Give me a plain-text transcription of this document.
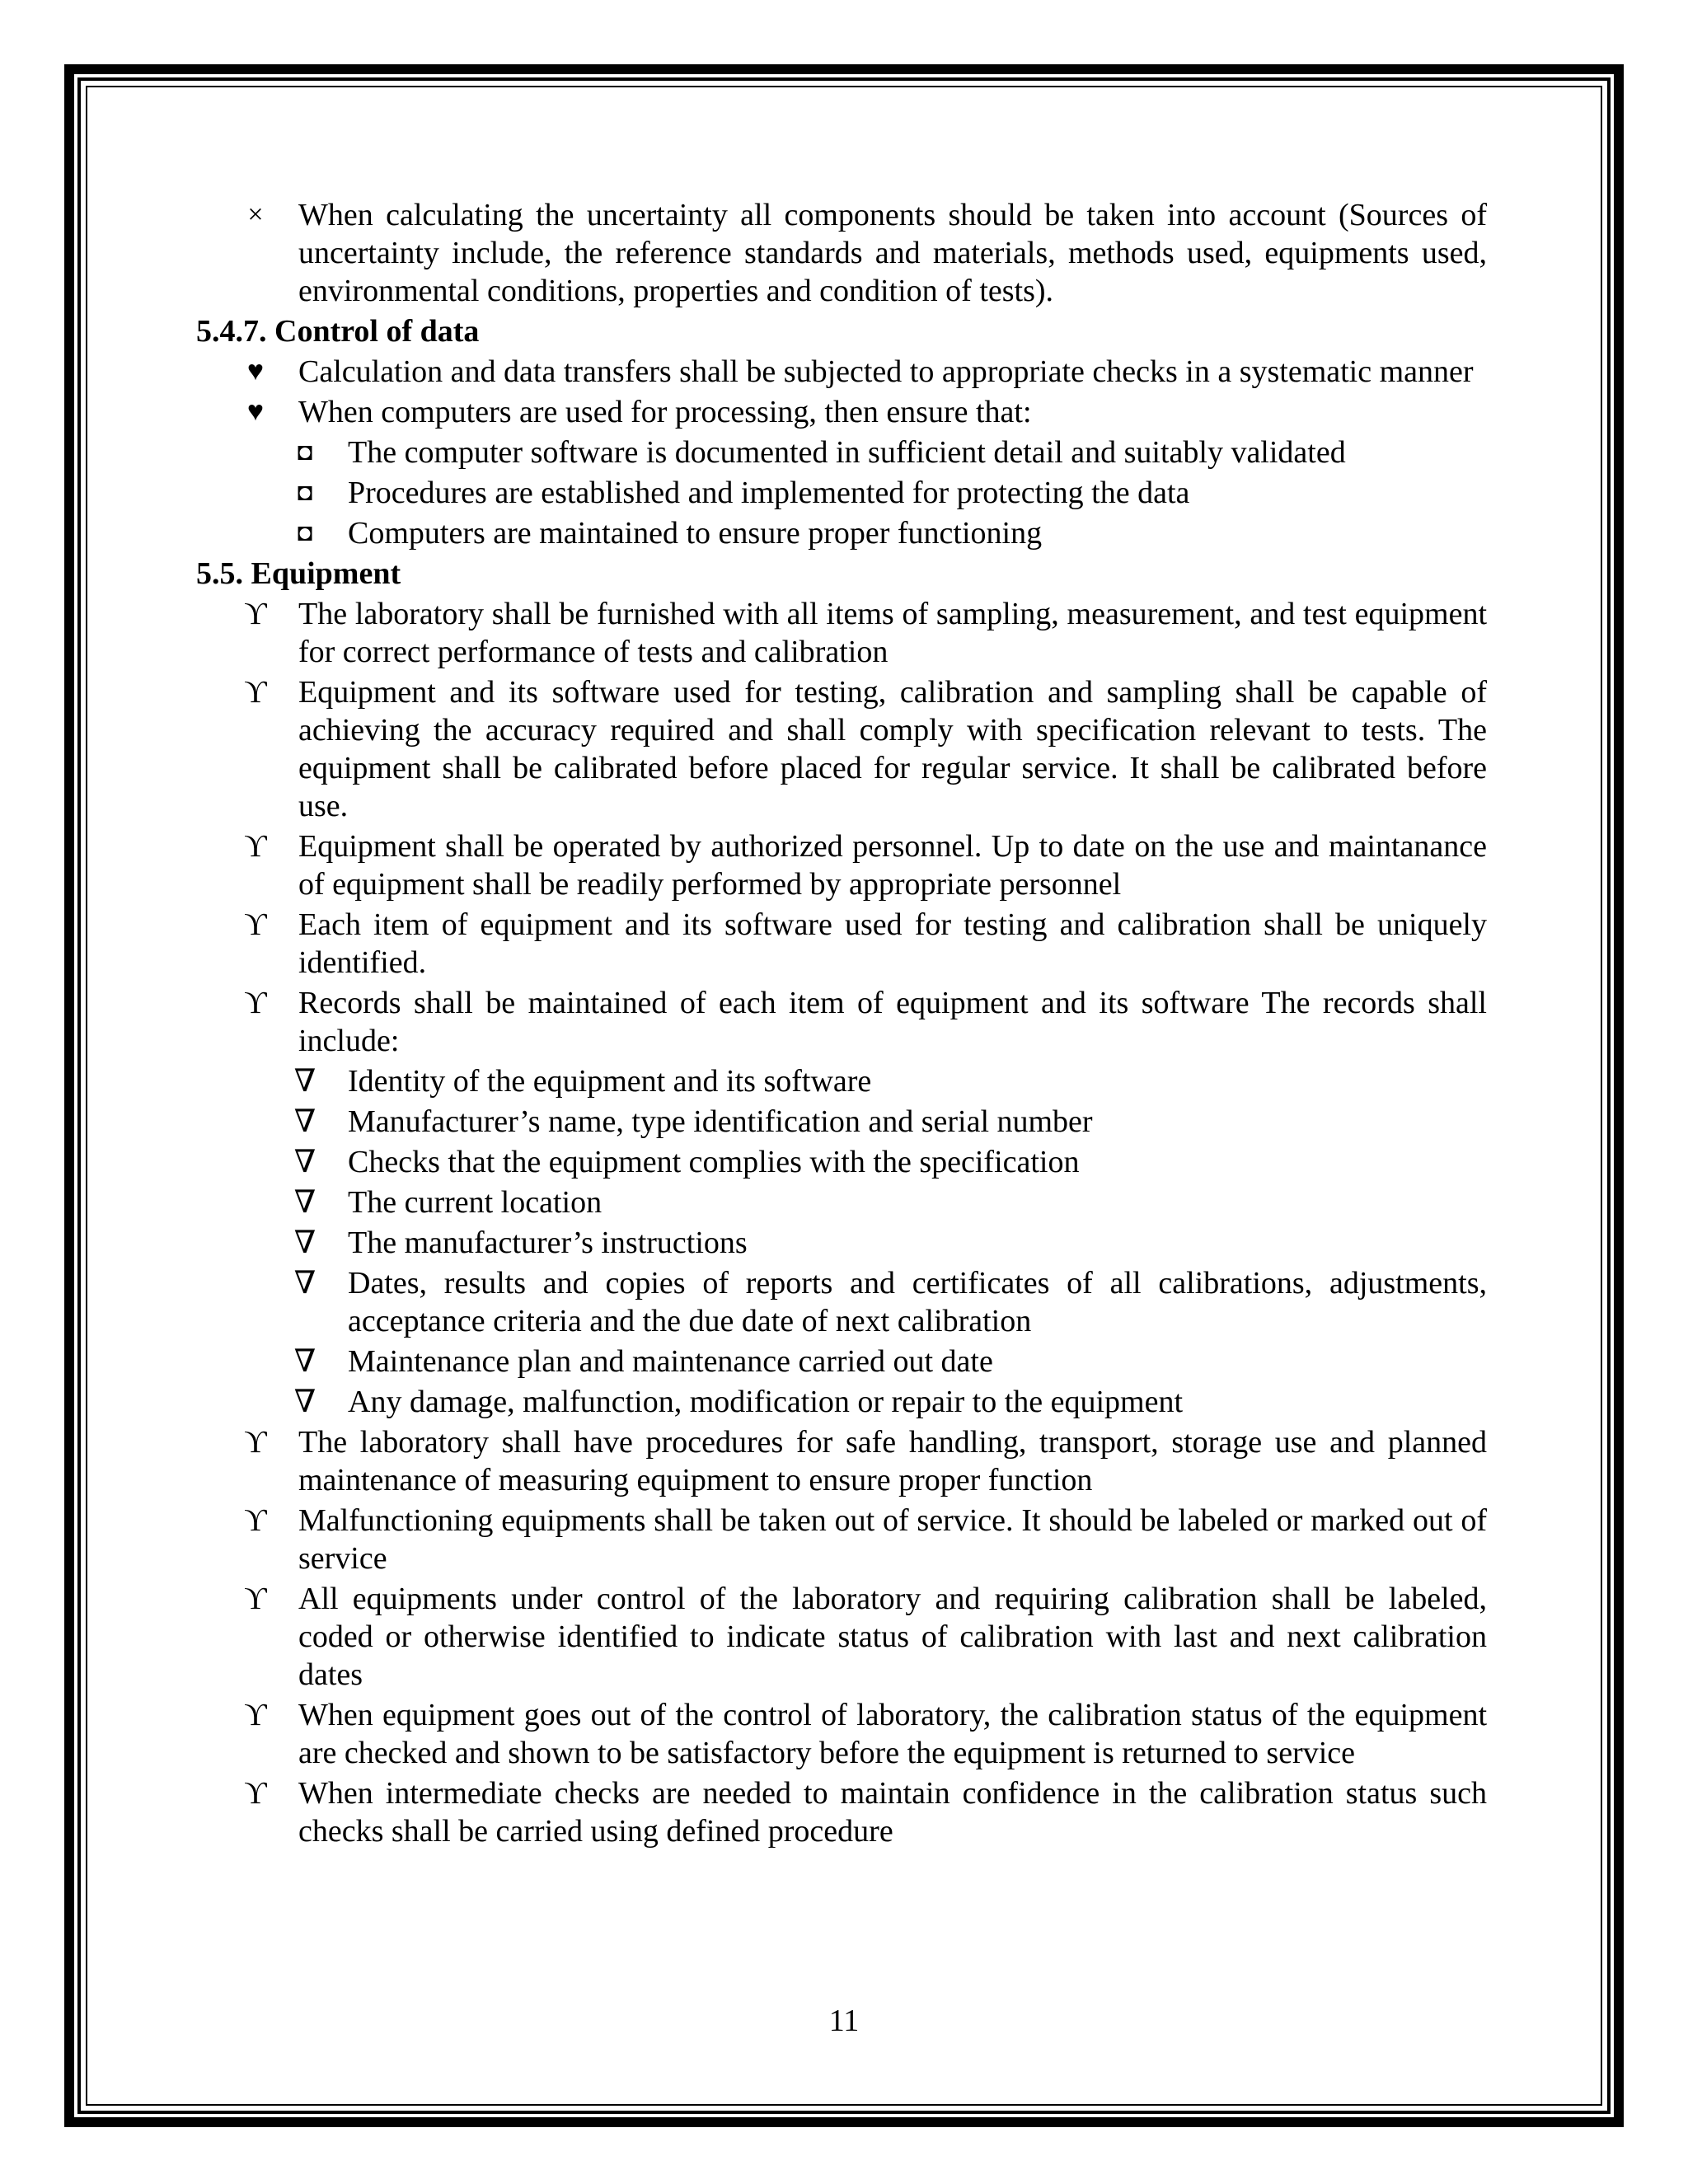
× When calculating the uncertainty all components should be taken into account (Sources of uncertainty include, the reference standards and materials, methods used, equipments used, environmental conditions, properties and condition of tests).
5.4.7. Control of data
♥ Calculation and data transfers shall be subjected to appropriate checks in a systematic manner
♥ When computers are used for processing, then ensure that:
◘ The computer software is documented in sufficient detail and suitably validated
◘ Procedures are established and implemented for protecting the data
◘ Computers are maintained to ensure proper functioning
5.5. Equipment
ϒ The laboratory shall be furnished with all items of sampling, measurement, and test equipment for correct performance of tests and calibration
ϒ Equipment and its software used for testing, calibration and sampling shall be capable of achieving the accuracy required and shall comply with specification relevant to tests. The equipment shall be calibrated before placed for regular service. It shall be calibrated before use.
ϒ Equipment shall be operated by authorized personnel. Up to date on the use and maintanance of equipment shall be readily performed by appropriate personnel
ϒ Each item of equipment and its software used for testing and calibration shall be uniquely identified.
ϒ Records shall be maintained of each item of equipment and its software The records shall include:
∇ Identity of the equipment and its software
∇ Manufacturer’s name, type identification and serial number
∇ Checks that the equipment complies with the specification
∇ The current location
∇ The manufacturer’s instructions
∇ Dates, results and copies of reports and certificates of all calibrations, adjustments, acceptance criteria and the due date of next calibration
∇ Maintenance plan and maintenance carried out date
∇ Any damage, malfunction, modification or repair to the equipment
ϒ The laboratory shall have procedures for safe handling, transport, storage use and planned maintenance of measuring equipment to ensure proper function
ϒ Malfunctioning equipments shall be taken out of service. It should be labeled or marked out of service
ϒ All equipments under control of the laboratory and requiring calibration shall be labeled, coded or otherwise identified to indicate status of calibration with last and next calibration dates
ϒ When equipment goes out of the control of laboratory, the calibration status of the equipment are checked and shown to be satisfactory before the equipment is returned to service
ϒ When intermediate checks are needed to maintain confidence in the calibration status such checks shall be carried using defined procedure
11
